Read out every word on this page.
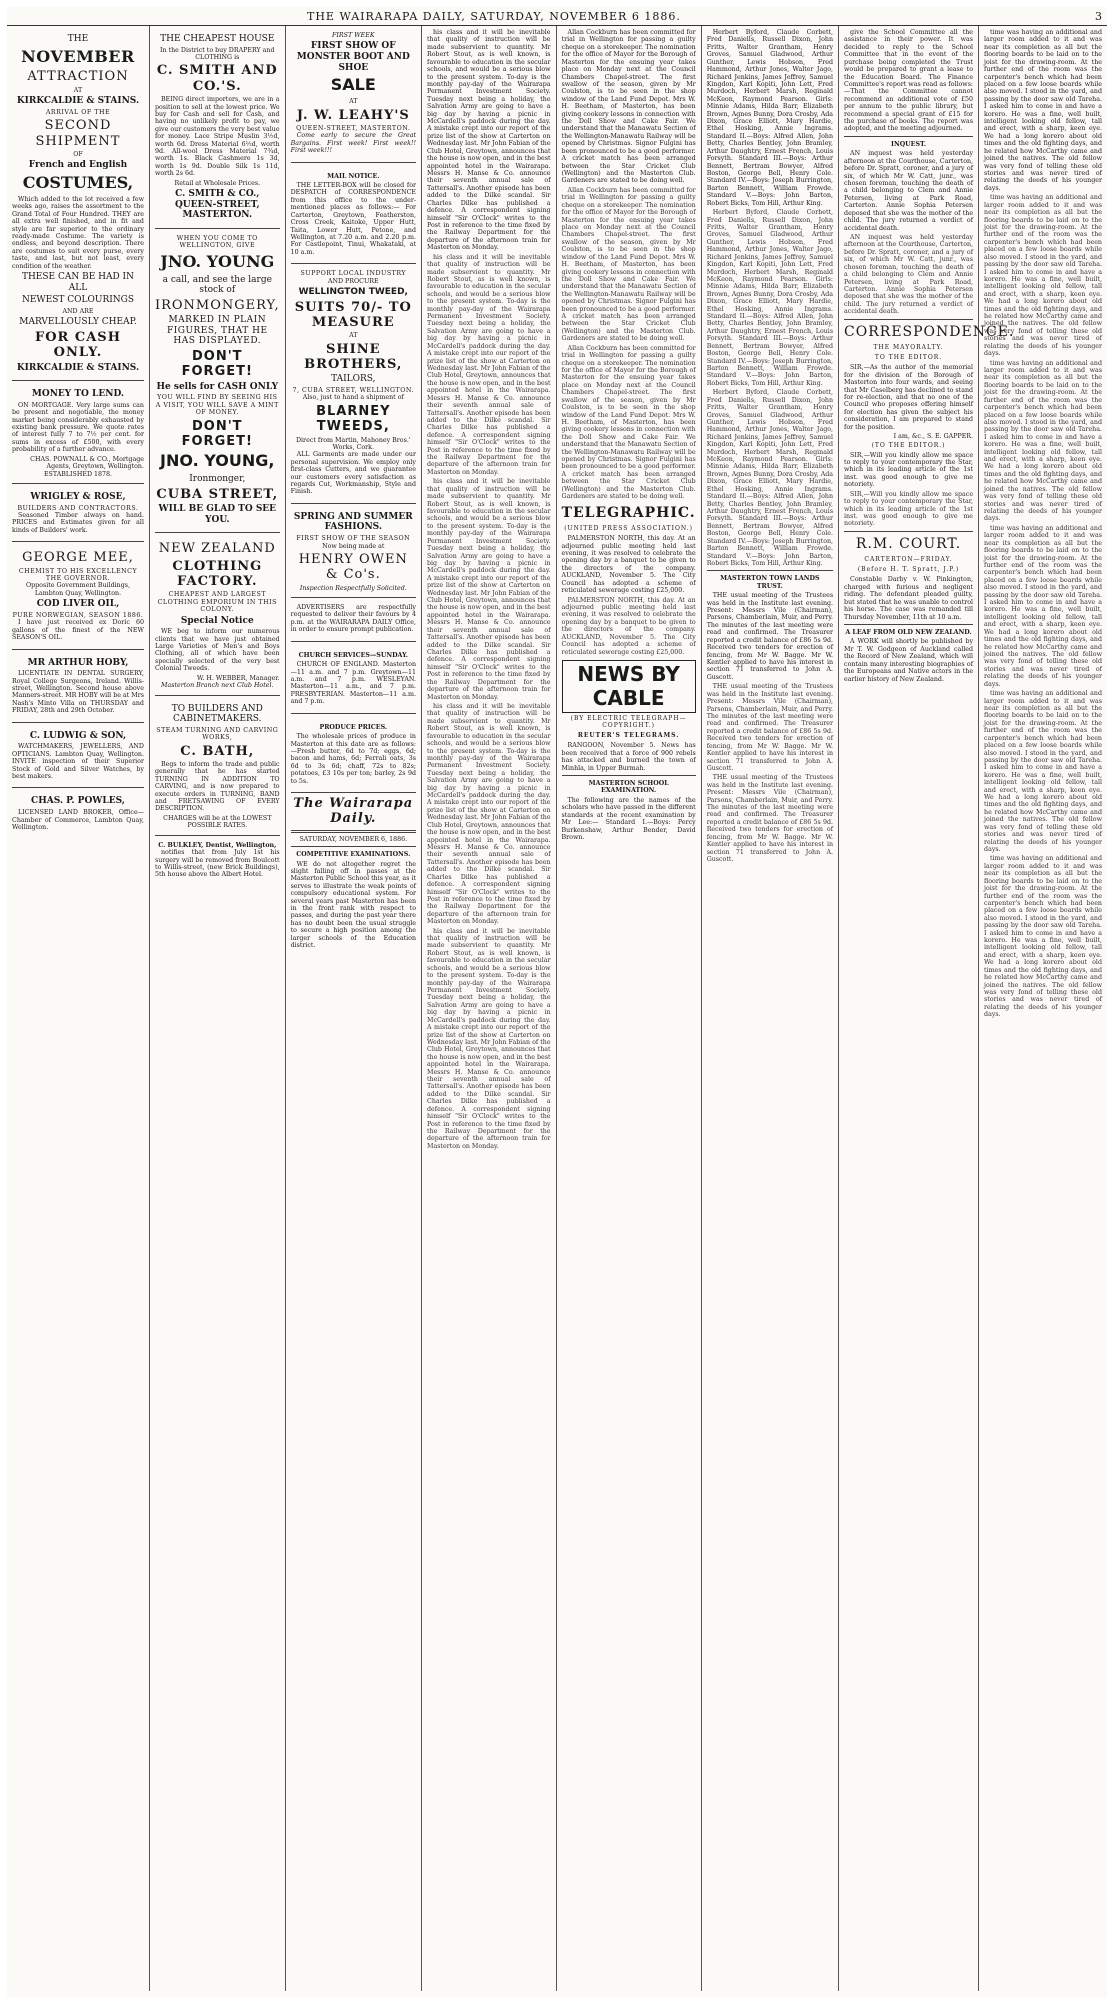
THE WAIRARAPA DAILY, SATURDAY, NOVEMBER 6 1886.	3
THE
NOVEMBER
ATTRACTION
AT
KIRKCALDIE & STAINS.
ARRIVAL OF THE
SECOND SHIPMENT
OF
French and English
COSTUMES,

Which added to the lot received a few weeks ago, raises the assortment to the Grand Total of Four Hundred. THEY are all extra well finished, and in fit and style are far superior to the ordinary ready-made Costume. The variety is endless, and beyond description. There are costumes to suit every purse, every taste, and last, but not least, every condition of the weather.

THESE CAN BE HAD IN ALL
NEWEST COLOURINGS
AND ARE
MARVELLOUSLY CHEAP.
FOR CASH ONLY.
KIRKCALDIE & STAINS.
MONEY TO LEND.

ON MORTGAGE. Very large sums can be present and negotiable, the money market being considerably exhausted by existing bank pressure. We quote rates of interest fully 7 to 7½ per cent. for sums in excess of £500, with every probability of a further advance.

CHAS. POWNALL & CO., Mortgage Agents, Greytown, Wellington.
ESTABLISHED 1878.
WRIGLEY & ROSE,
BUILDERS AND CONTRACTORS.

Seasoned Timber always on hand. PRICES and Estimates given for all kinds of Builders' work.

GEORGE MEE,
CHEMIST TO HIS EXCELLENCY THE GOVERNOR.
Opposite Government Buildings, Lambton Quay, Wellington.
COD LIVER OIL,
PURE NORWEGIAN, SEASON 1886.

I have just received ex Doric 60 gallons of the finest of the NEW SEASON'S OIL.

MR ARTHUR HOBY,

LICENTIATE IN DENTAL SURGERY, Royal College Surgeons, Ireland. Willis-street, Wellington. Second house above Manners-street. MR HOBY will be at Mrs Nash's Minto Villa on THURSDAY and FRIDAY, 28th and 29th October.

C. LUDWIG & SON,

WATCHMAKERS, JEWELLERS, AND OPTICIANS. Lambton Quay, Wellington. INVITE inspection of their Superior Stock of Gold and Silver Watches, by best makers.

CHAS. P. POWLES,

LICENSED LAND BROKER, Office—Chamber of Commerce, Lambton Quay, Wellington.

THE CHEAPEST HOUSE
In the District to buy DRAPERY and CLOTHING is
C. SMITH AND CO.'S.

BEING direct importers, we are in a position to sell at the lowest price. We buy for Cash and sell for Cash, and having no unlikely profit to pay, we give our customers the very best value for money. Lace Stripe Muslin 3½d, worth 6d. Dress Material 6½d, worth 9d. All-wool Dress Material 7¾d, worth 1s. Black Cashmere 1s 3d, worth 1s 9d. Double Silk 1s 11d, worth 2s 6d.

Retail at Wholesale Prices.
C. SMITH & CO., QUEEN-STREET, MASTERTON.
WHEN YOU COME TO WELLINGTON, GIVE
JNO. YOUNG
a call, and see the large stock of
IRONMONGERY,
MARKED IN PLAIN FIGURES, THAT HE HAS DISPLAYED.
DON'T FORGET!
He sells for CASH ONLY
YOU WILL FIND BY SEEING HIS A VISIT, YOU WILL SAVE A MINT OF MONEY.
DON'T FORGET!
JNO. YOUNG,
Ironmonger,
CUBA STREET,
WILL BE GLAD TO SEE YOU.
NEW ZEALAND
CLOTHING FACTORY.
CHEAPEST AND LARGEST CLOTHING EMPORIUM IN THIS COLONY.
Special Notice

WE beg to inform our numerous clients that we have just obtained Large Varieties of Men's and Boys Clothing, all of which have been specially selected of the very best Colonial Tweeds.

W. H. WEBBER, Manager.
Masterton Branch next Club Hotel.
TO BUILDERS AND CABINETMAKERS.
STEAM TURNING AND CARVING WORKS,
C. BATH,

Begs to inform the trade and public generally that he has started TURNING IN ADDITION TO CARVING, and is now prepared to execute orders in TURNING, BAND and FRETSAWING OF EVERY DESCRIPTION.

CHARGES will be at the LOWEST POSSIBLE RATES.
C. BULKLEY, Dentist, Wellington,

notifies that from July 1st his surgery will be removed from Boulcott to Willis-street, (new Brick Buildings), 5th house above the Albert Hotel.

FIRST WEEK
FIRST SHOW OF MONSTER BOOT AND SHOE
SALE
AT
J. W. LEAHY'S
QUEEN-STREET, MASTERTON.

Come early to secure the Great Bargains. First week! First week!! First week!!!

MAIL NOTICE.

THE LETTER-BOX will be closed for DESPATCH of CORRESPONDENCE from this office to the under-mentioned places as follows:— For Carterton, Greytown, Featherston, Cross Creek, Kaitoke, Upper Hutt, Taita, Lower Hutt, Petone, and Wellington, at 7.20 a.m. and 2.20 p.m. For Castlepoint, Tinui, Whakataki, at 10 a.m.

SUPPORT LOCAL INDUSTRY
AND PROCURE
WELLINGTON TWEED,
SUITS 70/- TO MEASURE
AT
SHINE BROTHERS,
TAILORS,
7, CUBA STREET, WELLINGTON.
Also, just to hand a shipment of
BLARNEY TWEEDS,
Direct from Martin, Mahoney Bros.' Works, Cork.

ALL Garments are made under our personal supervision. We employ only first-class Cutters, and we guarantee our customers every satisfaction as regards Cut, Workmanship, Style and Finish.

SPRING AND SUMMER FASHIONS.
FIRST SHOW OF THE SEASON
Now being made at
HENRY OWEN & Co's.
Inspection Respectfully Solicited.

ADVERTISERS are respectfully requested to deliver their favours by 4 p.m. at the WAIRARAPA DAILY Office, in order to ensure prompt publication.

CHURCH SERVICES—SUNDAY.

CHURCH OF ENGLAND. Masterton—11 a.m. and 7 p.m. Greytown—11 a.m. and 7 p.m. WESLEYAN. Masterton—11 a.m., and 7 p.m. PRESBYTERIAN. Masterton—11 a.m. and 7 p.m.

PRODUCE PRICES.

The wholesale prices of produce in Masterton at this date are as follows:—Fresh butter, 6d to 7d; eggs, 6d; bacon and hams, 6d; Ferrali oats, 3s 6d to 3s 6d; chaff, 72s to 82s; potatoes, £3 10s per ton; barley, 2s 9d to 5s.

The Wairarapa Daily.
SATURDAY, NOVEMBER 6, 1886.
COMPETITIVE EXAMINATIONS.

WE do not altogether regret the slight falling off in passes at the Masterton Public School this year, as it serves to illustrate the weak points of compulsory educational system. For several years past Masterton has been in the front rank with respect to passes, and during the past year there has no doubt been the usual struggle to secure a high position among the larger schools of the Education district.

his class and it will be inevitable that quality of instruction will be made subservient to quantity. Mr Robert Stout, as is well known, is favourable to education in the secular schools, and would be a serious blow to the present system. To-day is the monthly pay-day of the Wairarapa Permanent Investment Society. Tuesday next being a holiday, the Salvation Army are going to have a big day by having a picnic in McCardell's paddock during the day. A mistake crept into our report of the prize list of the show at Carterton on Wednesday last. Mr John Fabian of the Club Hotel, Greytown, announces that the house is now open, and in the best appointed hotel in the Wairarapa. Messrs H. Manse & Co. announce their seventh annual sale of Tattersall's. Another episode has been added to the Dilke scandal. Sir Charles Dilke has published a defence. A correspondent signing himself "Sir O'Clock" writes to the Post in reference to the time fixed by the Railway Department for the departure of the afternoon train for Masterton on Monday.

his class and it will be inevitable that quality of instruction will be made subservient to quantity. Mr Robert Stout, as is well known, is favourable to education in the secular schools, and would be a serious blow to the present system. To-day is the monthly pay-day of the Wairarapa Permanent Investment Society. Tuesday next being a holiday, the Salvation Army are going to have a big day by having a picnic in McCardell's paddock during the day. A mistake crept into our report of the prize list of the show at Carterton on Wednesday last. Mr John Fabian of the Club Hotel, Greytown, announces that the house is now open, and in the best appointed hotel in the Wairarapa. Messrs H. Manse & Co. announce their seventh annual sale of Tattersall's. Another episode has been added to the Dilke scandal. Sir Charles Dilke has published a defence. A correspondent signing himself "Sir O'Clock" writes to the Post in reference to the time fixed by the Railway Department for the departure of the afternoon train for Masterton on Monday.

his class and it will be inevitable that quality of instruction will be made subservient to quantity. Mr Robert Stout, as is well known, is favourable to education in the secular schools, and would be a serious blow to the present system. To-day is the monthly pay-day of the Wairarapa Permanent Investment Society. Tuesday next being a holiday, the Salvation Army are going to have a big day by having a picnic in McCardell's paddock during the day. A mistake crept into our report of the prize list of the show at Carterton on Wednesday last. Mr John Fabian of the Club Hotel, Greytown, announces that the house is now open, and in the best appointed hotel in the Wairarapa. Messrs H. Manse & Co. announce their seventh annual sale of Tattersall's. Another episode has been added to the Dilke scandal. Sir Charles Dilke has published a defence. A correspondent signing himself "Sir O'Clock" writes to the Post in reference to the time fixed by the Railway Department for the departure of the afternoon train for Masterton on Monday.

his class and it will be inevitable that quality of instruction will be made subservient to quantity. Mr Robert Stout, as is well known, is favourable to education in the secular schools, and would be a serious blow to the present system. To-day is the monthly pay-day of the Wairarapa Permanent Investment Society. Tuesday next being a holiday, the Salvation Army are going to have a big day by having a picnic in McCardell's paddock during the day. A mistake crept into our report of the prize list of the show at Carterton on Wednesday last. Mr John Fabian of the Club Hotel, Greytown, announces that the house is now open, and in the best appointed hotel in the Wairarapa. Messrs H. Manse & Co. announce their seventh annual sale of Tattersall's. Another episode has been added to the Dilke scandal. Sir Charles Dilke has published a defence. A correspondent signing himself "Sir O'Clock" writes to the Post in reference to the time fixed by the Railway Department for the departure of the afternoon train for Masterton on Monday.

his class and it will be inevitable that quality of instruction will be made subservient to quantity. Mr Robert Stout, as is well known, is favourable to education in the secular schools, and would be a serious blow to the present system. To-day is the monthly pay-day of the Wairarapa Permanent Investment Society. Tuesday next being a holiday, the Salvation Army are going to have a big day by having a picnic in McCardell's paddock during the day. A mistake crept into our report of the prize list of the show at Carterton on Wednesday last. Mr John Fabian of the Club Hotel, Greytown, announces that the house is now open, and in the best appointed hotel in the Wairarapa. Messrs H. Manse & Co. announce their seventh annual sale of Tattersall's. Another episode has been added to the Dilke scandal. Sir Charles Dilke has published a defence. A correspondent signing himself "Sir O'Clock" writes to the Post in reference to the time fixed by the Railway Department for the departure of the afternoon train for Masterton on Monday.

Allan Cockburn has been committed for trial in Wellington for passing a guilty cheque on a storekeeper. The nomination for the office of Mayor for the Borough of Masterton for the ensuing year takes place on Monday next at the Council Chambers Chapel-street. The first swallow of the season, given by Mr Coulston, is to be seen in the shop window of the Land Fund Depot. Mrs W. H. Beetham, of Masterton, has been giving cookery lessons in connection with the Doll Show and Cake Fair. We understand that the Manawatu Section of the Wellington-Manawatu Railway will be opened by Christmas. Signor Fulgini has been pronounced to be a good performer. A cricket match has been arranged between the Star Cricket Club (Wellington) and the Masterton Club. Gardeners are stated to be doing well.

Allan Cockburn has been committed for trial in Wellington for passing a guilty cheque on a storekeeper. The nomination for the office of Mayor for the Borough of Masterton for the ensuing year takes place on Monday next at the Council Chambers Chapel-street. The first swallow of the season, given by Mr Coulston, is to be seen in the shop window of the Land Fund Depot. Mrs W. H. Beetham, of Masterton, has been giving cookery lessons in connection with the Doll Show and Cake Fair. We understand that the Manawatu Section of the Wellington-Manawatu Railway will be opened by Christmas. Signor Fulgini has been pronounced to be a good performer. A cricket match has been arranged between the Star Cricket Club (Wellington) and the Masterton Club. Gardeners are stated to be doing well.

Allan Cockburn has been committed for trial in Wellington for passing a guilty cheque on a storekeeper. The nomination for the office of Mayor for the Borough of Masterton for the ensuing year takes place on Monday next at the Council Chambers Chapel-street. The first swallow of the season, given by Mr Coulston, is to be seen in the shop window of the Land Fund Depot. Mrs W. H. Beetham, of Masterton, has been giving cookery lessons in connection with the Doll Show and Cake Fair. We understand that the Manawatu Section of the Wellington-Manawatu Railway will be opened by Christmas. Signor Fulgini has been pronounced to be a good performer. A cricket match has been arranged between the Star Cricket Club (Wellington) and the Masterton Club. Gardeners are stated to be doing well.

TELEGRAPHIC.
(UNITED PRESS ASSOCIATION.)

PALMERSTON NORTH, this day. At an adjourned public meeting held last evening, it was resolved to celebrate the opening day by a banquet to be given to the directors of the company. AUCKLAND, November 5. The City Council has adopted a scheme of reticulated sewerage costing £25,000.

PALMERSTON NORTH, this day. At an adjourned public meeting held last evening, it was resolved to celebrate the opening day by a banquet to be given to the directors of the company. AUCKLAND, November 5. The City Council has adopted a scheme of reticulated sewerage costing £25,000.

NEWS BY CABLE
(BY ELECTRIC TELEGRAPH—COPYRIGHT.)
REUTER'S TELEGRAMS.

RANGOON, November 5. News has been received that a force of 900 rebels has attacked and burned the town of Minhla, in Upper Burmah.

MASTERTON SCHOOL EXAMINATION.

The following are the names of the scholars who have passed in the different standards at the recent examination by Mr Lee:— Standard I.—Boys: Percy Burkenshaw, Arthur Bender, David Brown.

Herbert Byford, Claude Corbett, Fred Daniells, Russell Dixon, John Fritts, Walter Grantham, Henry Groves, Samuel Gladwood, Arthur Gunther, Lewis Hobson, Fred Hammond, Arthur Jones, Walter Jago, Richard Jenkins, James Jeffrey, Samuel Kingdon, Karl Kopiti, John Lett, Fred Murdoch, Herbert Marsh, Reginald McKeon, Raymond Pearson. Girls: Minnie Adams, Hilda Barr, Elizabeth Brown, Agnes Bunny, Dora Crosby, Ada Dixon, Grace Elliott, Mary Hardie, Ethel Hosking, Annie Ingrams. Standard II.—Boys: Alfred Allen, John Betty, Charles Bentley, John Bramley, Arthur Daughtry, Ernest French, Louis Forsyth. Standard III.—Boys: Arthur Bennett, Bertram Bowyer, Alfred Boston, George Bell, Henry Cole. Standard IV.—Boys: Joseph Burrington, Barton Bennett, William Frowde. Standard V.—Boys: John Barton, Robert Bicks, Tom Hill, Arthur King.

Herbert Byford, Claude Corbett, Fred Daniells, Russell Dixon, John Fritts, Walter Grantham, Henry Groves, Samuel Gladwood, Arthur Gunther, Lewis Hobson, Fred Hammond, Arthur Jones, Walter Jago, Richard Jenkins, James Jeffrey, Samuel Kingdon, Karl Kopiti, John Lett, Fred Murdoch, Herbert Marsh, Reginald McKeon, Raymond Pearson. Girls: Minnie Adams, Hilda Barr, Elizabeth Brown, Agnes Bunny, Dora Crosby, Ada Dixon, Grace Elliott, Mary Hardie, Ethel Hosking, Annie Ingrams. Standard II.—Boys: Alfred Allen, John Betty, Charles Bentley, John Bramley, Arthur Daughtry, Ernest French, Louis Forsyth. Standard III.—Boys: Arthur Bennett, Bertram Bowyer, Alfred Boston, George Bell, Henry Cole. Standard IV.—Boys: Joseph Burrington, Barton Bennett, William Frowde. Standard V.—Boys: John Barton, Robert Bicks, Tom Hill, Arthur King.

Herbert Byford, Claude Corbett, Fred Daniells, Russell Dixon, John Fritts, Walter Grantham, Henry Groves, Samuel Gladwood, Arthur Gunther, Lewis Hobson, Fred Hammond, Arthur Jones, Walter Jago, Richard Jenkins, James Jeffrey, Samuel Kingdon, Karl Kopiti, John Lett, Fred Murdoch, Herbert Marsh, Reginald McKeon, Raymond Pearson. Girls: Minnie Adams, Hilda Barr, Elizabeth Brown, Agnes Bunny, Dora Crosby, Ada Dixon, Grace Elliott, Mary Hardie, Ethel Hosking, Annie Ingrams. Standard II.—Boys: Alfred Allen, John Betty, Charles Bentley, John Bramley, Arthur Daughtry, Ernest French, Louis Forsyth. Standard III.—Boys: Arthur Bennett, Bertram Bowyer, Alfred Boston, George Bell, Henry Cole. Standard IV.—Boys: Joseph Burrington, Barton Bennett, William Frowde. Standard V.—Boys: John Barton, Robert Bicks, Tom Hill, Arthur King.

MASTERTON TOWN LANDS TRUST.

THE usual meeting of the Trustees was held in the Institute last evening. Present: Messrs Vile (Chairman), Parsons, Chamberlain, Muir, and Perry. The minutes of the last meeting were read and confirmed. The Treasurer reported a credit balance of £86 5s 9d. Received two tenders for erection of fencing, from Mr W. Bagge. Mr W. Kentler applied to have his interest in section 71 transferred to John A. Guscott.

THE usual meeting of the Trustees was held in the Institute last evening. Present: Messrs Vile (Chairman), Parsons, Chamberlain, Muir, and Perry. The minutes of the last meeting were read and confirmed. The Treasurer reported a credit balance of £86 5s 9d. Received two tenders for erection of fencing, from Mr W. Bagge. Mr W. Kentler applied to have his interest in section 71 transferred to John A. Guscott.

THE usual meeting of the Trustees was held in the Institute last evening. Present: Messrs Vile (Chairman), Parsons, Chamberlain, Muir, and Perry. The minutes of the last meeting were read and confirmed. The Treasurer reported a credit balance of £86 5s 9d. Received two tenders for erection of fencing, from Mr W. Bagge. Mr W. Kentler applied to have his interest in section 71 transferred to John A. Guscott.

give the School Committee all the assistance in their power. It was decided to reply to the School Committee that in the event of the purchase being completed the Trust would be prepared to grant a lease to the Education Board. The Finance Committee's report was read as follows:—That the Committee cannot recommend an additional vote of £50 per annum to the public library, but recommend a special grant of £15 for the purchase of books. The report was adopted, and the meeting adjourned.

INQUEST.

AN inquest was held yesterday afternoon at the Courthouse, Carterton, before Dr. Spratt, coroner, and a jury of six, of which Mr W. Catt, junr., was chosen foreman, touching the death of a child belonging to Clem and Annie Petersen, living at Park Road, Carterton. Annie Sophia Petersen deposed that she was the mother of the child. The jury returned a verdict of accidental death.

AN inquest was held yesterday afternoon at the Courthouse, Carterton, before Dr. Spratt, coroner, and a jury of six, of which Mr W. Catt, junr., was chosen foreman, touching the death of a child belonging to Clem and Annie Petersen, living at Park Road, Carterton. Annie Sophia Petersen deposed that she was the mother of the child. The jury returned a verdict of accidental death.

CORRESPONDENCE.
THE MAYORALTY.
TO THE EDITOR.

SIR,—As the author of the memorial for the division of the Borough of Masterton into four wards, and seeing that Mr Caselberg has declined to stand for re-election, and that no one of the Council who proposes offering himself for election has given the subject his consideration, I am prepared to stand for the position.

I am, &c., S. E. GAPPER.
(TO THE EDITOR.)

SIR,—Will you kindly allow me space to reply to your contemporary the Star, which in its leading article of the 1st inst. was good enough to give me notoriety.

SIR,—Will you kindly allow me space to reply to your contemporary the Star, which in its leading article of the 1st inst. was good enough to give me notoriety.

R.M. COURT.
CARTERTON—FRIDAY.
(Before H. T. Spratt, J.P.)

Constable Darby v. W. Pinkington, charged with furious and negligent riding. The defendant pleaded guilty, but stated that he was unable to control his horse. The case was remanded till Thursday November, 11th at 10 a.m.

A LEAF FROM OLD NEW ZEALAND.

A WORK will shortly be published by Mr T. W. Godgeon of Auckland called the Record of New Zealand, which will contain many interesting biographies of the Europeans and Native actors in the earlier history of New Zealand.

time was having an additional and larger room added to it and was near its completion as all but the flooring boards to be laid on to the joist for the drawing-room. At the further end of the room was the carpenter's bench which had been placed on a few loose boards while also moved. I stood in the yard, and passing by the door saw old Tareha. I asked him to come in and have a korero. He was a fine, well built, intelligent looking old fellow, tall and erect, with a sharp, keen eye. We had a long korero about old times and the old fighting days, and he related how McCarthy came and joined the natives. The old fellow was very fond of telling these old stories and was never tired of relating the deeds of his younger days.

time was having an additional and larger room added to it and was near its completion as all but the flooring boards to be laid on to the joist for the drawing-room. At the further end of the room was the carpenter's bench which had been placed on a few loose boards while also moved. I stood in the yard, and passing by the door saw old Tareha. I asked him to come in and have a korero. He was a fine, well built, intelligent looking old fellow, tall and erect, with a sharp, keen eye. We had a long korero about old times and the old fighting days, and he related how McCarthy came and joined the natives. The old fellow was very fond of telling these old stories and was never tired of relating the deeds of his younger days.

time was having an additional and larger room added to it and was near its completion as all but the flooring boards to be laid on to the joist for the drawing-room. At the further end of the room was the carpenter's bench which had been placed on a few loose boards while also moved. I stood in the yard, and passing by the door saw old Tareha. I asked him to come in and have a korero. He was a fine, well built, intelligent looking old fellow, tall and erect, with a sharp, keen eye. We had a long korero about old times and the old fighting days, and he related how McCarthy came and joined the natives. The old fellow was very fond of telling these old stories and was never tired of relating the deeds of his younger days.

time was having an additional and larger room added to it and was near its completion as all but the flooring boards to be laid on to the joist for the drawing-room. At the further end of the room was the carpenter's bench which had been placed on a few loose boards while also moved. I stood in the yard, and passing by the door saw old Tareha. I asked him to come in and have a korero. He was a fine, well built, intelligent looking old fellow, tall and erect, with a sharp, keen eye. We had a long korero about old times and the old fighting days, and he related how McCarthy came and joined the natives. The old fellow was very fond of telling these old stories and was never tired of relating the deeds of his younger days.

time was having an additional and larger room added to it and was near its completion as all but the flooring boards to be laid on to the joist for the drawing-room. At the further end of the room was the carpenter's bench which had been placed on a few loose boards while also moved. I stood in the yard, and passing by the door saw old Tareha. I asked him to come in and have a korero. He was a fine, well built, intelligent looking old fellow, tall and erect, with a sharp, keen eye. We had a long korero about old times and the old fighting days, and he related how McCarthy came and joined the natives. The old fellow was very fond of telling these old stories and was never tired of relating the deeds of his younger days.

time was having an additional and larger room added to it and was near its completion as all but the flooring boards to be laid on to the joist for the drawing-room. At the further end of the room was the carpenter's bench which had been placed on a few loose boards while also moved. I stood in the yard, and passing by the door saw old Tareha. I asked him to come in and have a korero. He was a fine, well built, intelligent looking old fellow, tall and erect, with a sharp, keen eye. We had a long korero about old times and the old fighting days, and he related how McCarthy came and joined the natives. The old fellow was very fond of telling these old stories and was never tired of relating the deeds of his younger days.
